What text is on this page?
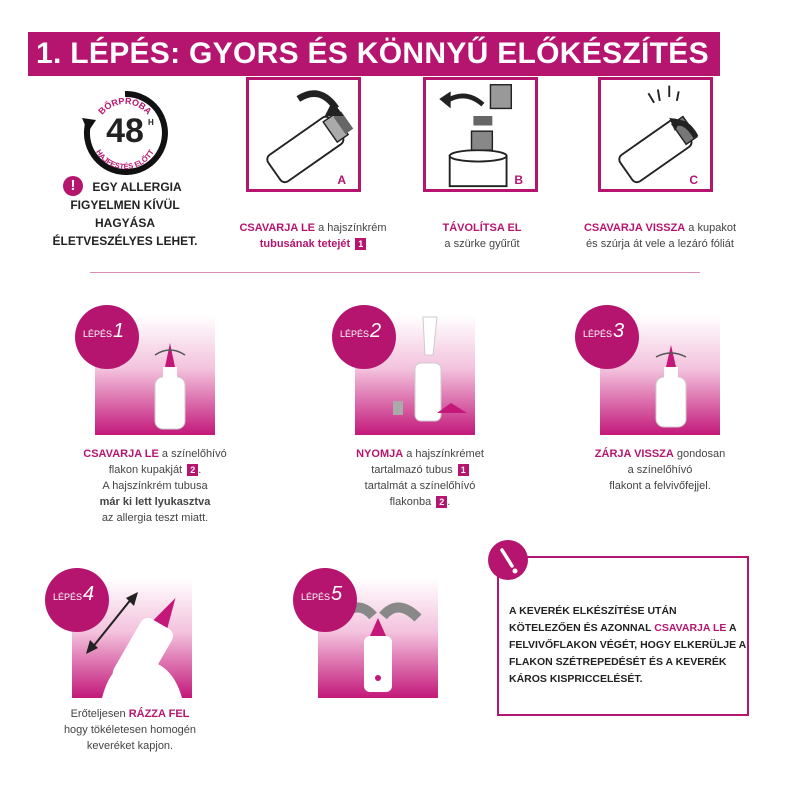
1. LÉPÉS: GYORS ÉS KÖNNYŰ ELŐKÉSZÍTÉS
BŐRPRÓBA
HAJFESTÉS ELŐTT
48 H
!	EGY ALLERGIA FIGYELMEN KÍVÜL HAGYÁSA ÉLETVESZÉLYES LEHET.
A	B	C
CSAVARJA LE a hajszínkrém
tubusának tetejét 1
TÁVOLÍTSA EL
a szürke gyűrűt
CSAVARJA VISSZA a kupakot
és szúrja át vele a lezáró fóliát
LÉPÉS 1
CSAVARJA LE a színelőhívó
flakon kupakját 2 .
A hajszínkrém tubusa
már ki lett lyukasztva
az allergia teszt miatt.
LÉPÉS 2
NYOMJA a hajszínkrémet
tartalmazó tubus 1
tartalmát a színelőhívó
flakonba 2 .
LÉPÉS 3
ZÁRJA VISSZA gondosan
a színelőhívó
flakont a felvivőfejjel.
LÉPÉS 4
Erőteljesen RÁZZA FEL
hogy tökéletesen homogén
keveréket kapjon.
LÉPÉS 5
A KEVERÉK ELKÉSZÍTÉSE UTÁN KÖTELEZŐEN ÉS AZONNAL CSAVARJA LE A FELVIVŐFLAKON VÉGÉT, HOGY ELKERÜLJE A FLAKON SZÉTREPEDÉSÉT ÉS A KEVERÉK KÁROS KISPRICCELÉSÉT.
